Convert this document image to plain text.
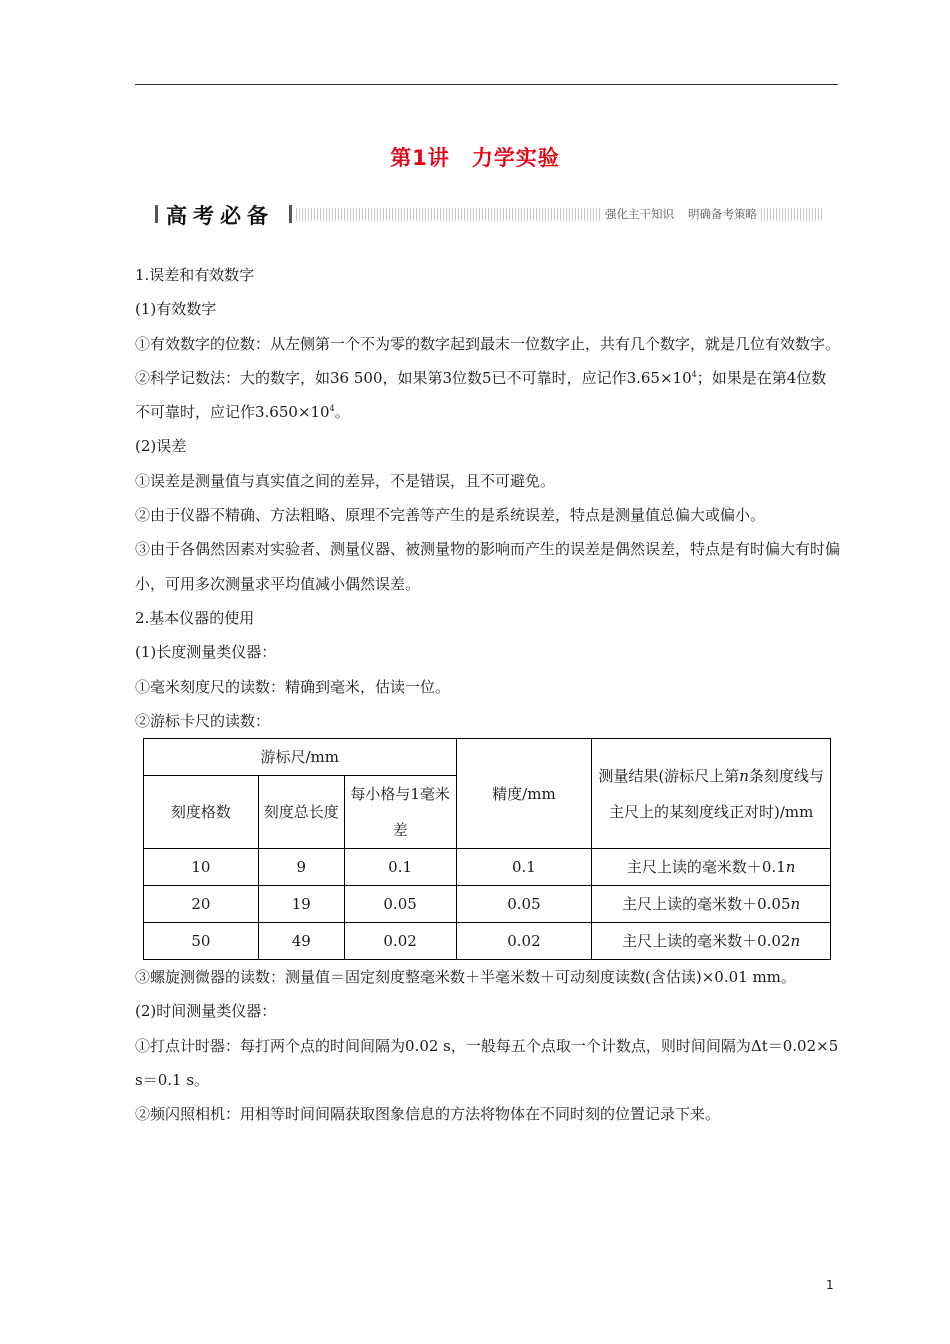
第1讲 力学实验
高考必备	强化主干知识 明确备考策略

1.误差和有效数字

(1)有效数字

①有效数字的位数：从左侧第一个不为零的数字起到最末一位数字止，共有几个数字，就是几位有效数字。

②科学记数法：大的数字，如36 500，如果第3位数5已不可靠时，应记作$3.65\times 10^4$；如果是在第4位数不可靠时，应记作$3.650\times 10^4$。

(2)误差

①误差是测量值与真实值之间的差异，不是错误，且不可避免。

②由于仪器不精确、方法粗略、原理不完善等产生的是系统误差，特点是测量值总偏大或偏小。

③由于各偶然因素对实验者、测量仪器、被测量物的影响而产生的误差是偶然误差，特点是有时偏大有时偏小，可用多次测量求平均值减小偶然误差。

2.基本仪器的使用

(1)长度测量类仪器：

①毫米刻度尺的读数：精确到毫米，估读一位。

②游标卡尺的读数：

游标尺/mm			精度/mm	测量结果(游标尺上第n条刻度线与主尺上的某刻度线正对时)/mm
刻度格数	刻度总长度	每小格与1毫米差		
10	9	0.1	0.1	主尺上读的毫米数＋0.1n
20	19	0.05	0.05	主尺上读的毫米数＋0.05n
50	49	0.02	0.02	主尺上读的毫米数＋0.02n

③螺旋测微器的读数：测量值＝固定刻度整毫米数＋半毫米数＋可动刻度读数(含估读)×0.01 mm。

(2)时间测量类仪器：

①打点计时器：每打两个点的时间间隔为0.02 s，一般每五个点取一个计数点，则时间间隔为Δt＝0.02×5 s＝0.1 s。

②频闪照相机：用相等时间间隔获取图象信息的方法将物体在不同时刻的位置记录下来。

1
